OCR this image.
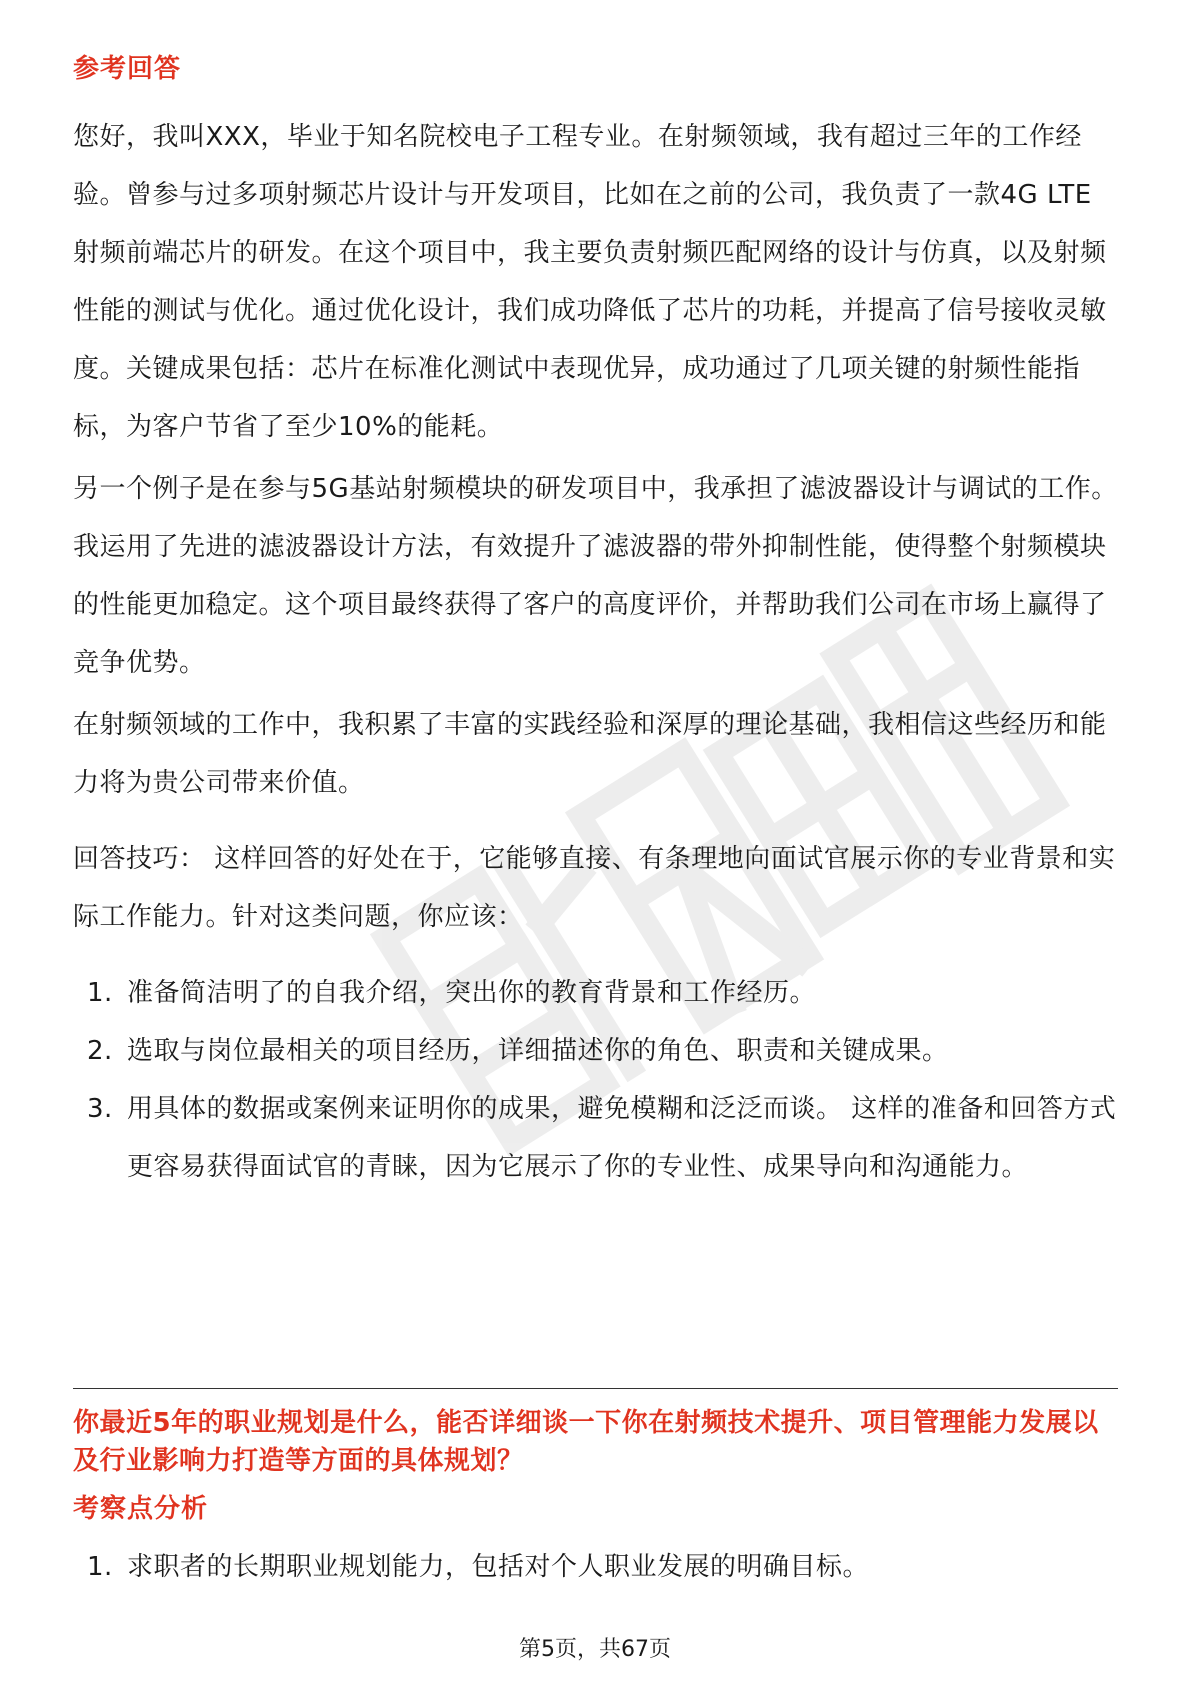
参考回答

您好，我叫XXX，毕业于知名院校电子工程专业。在射频领域，我有超过三年的工作经验。曾参与过多项射频芯片设计与开发项目，比如在之前的公司，我负责了一款4G LTE射频前端芯片的研发。在这个项目中，我主要负责射频匹配网络的设计与仿真，以及射频性能的测试与优化。通过优化设计，我们成功降低了芯片的功耗，并提高了信号接收灵敏度。关键成果包括：芯片在标准化测试中表现优异，成功通过了几项关键的射频性能指标，为客户节省了至少10%的能耗。

另一个例子是在参与5G基站射频模块的研发项目中，我承担了滤波器设计与调试的工作。我运用了先进的滤波器设计方法，有效提升了滤波器的带外抑制性能，使得整个射频模块的性能更加稳定。这个项目最终获得了客户的高度评价，并帮助我们公司在市场上赢得了竞争优势。

在射频领域的工作中，我积累了丰富的实践经验和深厚的理论基础，我相信这些经历和能力将为贵公司带来价值。

回答技巧： 这样回答的好处在于，它能够直接、有条理地向面试官展示你的专业背景和实际工作能力。针对这类问题，你应该：

1. 准备简洁明了的自我介绍，突出你的教育背景和工作经历。
2. 选取与岗位最相关的项目经历，详细描述你的角色、职责和关键成果。
3. 用具体的数据或案例来证明你的成果，避免模糊和泛泛而谈。 这样的准备和回答方式更容易获得面试官的青睐，因为它展示了你的专业性、成果导向和沟通能力。

你最近5年的职业规划是什么，能否详细谈一下你在射频技术提升、项目管理能力发展以及行业影响力打造等方面的具体规划？

考察点分析
1. 求职者的长期职业规划能力，包括对个人职业发展的明确目标。

第5页，共67页
